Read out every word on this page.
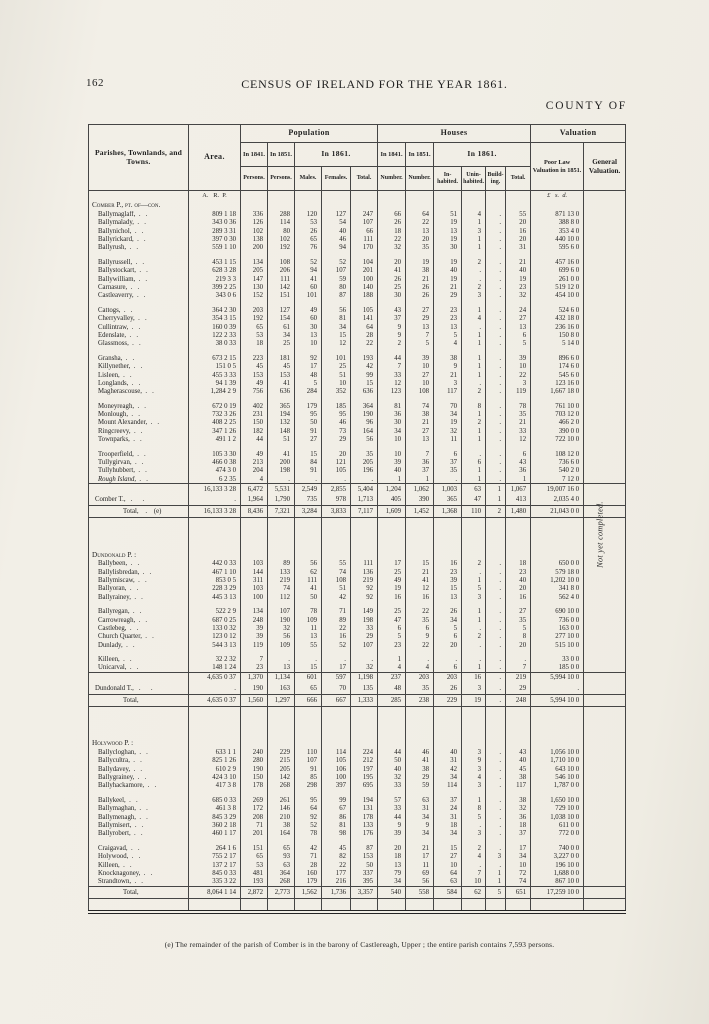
162	CENSUS OF IRELAND FOR THE YEAR 1861.
COUNTY OF
Parishes, Townlands, and Towns.	Area.	Population					Houses						Valuation	
		In 1841.	In 1851.	In 1861.			In 1841.	In 1851.	In 1861.				Poor Law Valuation in 1851.	General Valuation.
		Persons.	Persons.	Males.	Females.	Total.	Number.	Number.	In-habited.	Unin-habited.	Build-ing.	Total.		
	A.   R.  P.												£   s.  d.	
Comber P., pt. of—con.														
Ballymaglaff,  .   .	809 1 18	336	288	120	127	247	66	64	51	4	.	55	871 13 0	
Ballymalady,  .   .	343 0 36	126	114	53	54	107	26	22	19	1	.	20	388 8 0	
Ballynichol,  .   .	289 3 31	102	80	26	40	66	18	13	13	3	.	16	353 4 0	
Ballyrickard,  .   .	397 0 30	138	102	65	46	111	22	20	19	1	.	20	440 10 0	
Ballyrush,  .   .	559 1 10	200	192	76	94	170	32	35	30	1	.	31	595 6 0	

Ballyrussell,  .   .	453 1 15	134	108	52	52	104	20	19	19	2	.	21	457 16 0	
Ballystockart,  .   .	628 3 28	205	206	94	107	201	41	38	40	.	.	40	699 6 0	
Ballywilliam,  .   .	219 3 3	147	111	41	59	100	26	21	19	.	.	19	261 0 0	
Carnasure,  .   .	399 2 25	130	142	60	80	140	25	26	21	2	.	23	519 12 0	
Castleaverry,  .   .	343 0 6	152	151	101	87	188	30	26	29	3	.	32	454 10 0	

Cattogs,  .   .	364 2 30	203	127	49	56	105	43	27	23	1	.	24	524 6 0	
Cherryvalley,  .   .	354 3 15	192	154	60	81	141	37	29	23	4	.	27	432 18 0	
Cullintraw,  .   .	160 0 39	65	61	30	34	64	9	13	13	.	.	13	236 16 0	
Edenslate,  .   .	122 2 33	53	34	13	15	28	9	7	5	1	.	6	150 8 0	
Glassmoss,  .   .	38 0 33	18	25	10	12	22	2	5	4	1	.	5	5 14 0	

Gransha,  .   .	673 2 15	223	181	92	101	193	44	39	38	1	.	39	896 6 0	
Killynether,  .   .	151 0 5	45	45	17	25	42	7	10	9	1	.	10	174 6 0	
Lisleen,  .   .	455 3 33	153	153	48	51	99	33	27	21	1	.	22	545 6 0	
Longlands,  .   .	94 1 39	49	41	5	10	15	12	10	3	.	.	3	123 16 0	
Magherascouse,  .   .	1,284 2 9	756	636	284	352	636	123	108	117	2	.	119	1,667 18 0	

Moneyreagh,  .   .	672 0 19	402	365	179	185	364	81	74	70	8	.	78	761 10 0	
Monlough,  .   .	732 3 26	231	194	95	95	190	36	38	34	1	.	35	703 12 0	
Mount Alexander,  .   .	408 2 25	150	132	50	46	96	30	21	19	2	.	21	466 2 0	
Ringcreevy,  .   .	347 1 26	182	148	91	73	164	34	27	32	1	.	33	390 0 0	
Townparks,  .   .	491 1 2	44	51	27	29	56	10	13	11	1	.	12	722 10 0	

Trooperfield,  .   .	105 3 30	49	41	15	20	35	10	7	6	.	.	6	108 12 0	
Tullygirvan,  .   .	466 0 38	213	200	84	121	205	39	36	37	6	.	43	736 6 0	
Tullyhubbert,  .   .	474 3 0	204	198	91	105	196	40	37	35	1	.	36	540 2 0	
Rough Island,  .   .	6 2 35	4	.	.	.	.	1	1	.	1	.	1	7 12 0	
	16,133 3 28	6,472	5,531	2,549	2,855	5,404	1,204	1,062	1,003	63	1	1,067	19,007 16 0	
Comber T., .	.	1,964	1,790	735	978	1,713	405	390	365	47	1	413	2,035 4 0	
Total,    .    (e)	16,133 3 28	8,436	7,321	3,284	3,833	7,117	1,609	1,452	1,368	110	2	1,480	21,043 0 0	

Dundonald P. :														
Ballybeen,  .   .	442 0 33	103	89	56	55	111	17	15	16	2	.	18	650 0 0	
Ballylisbredan,  .   .	467 1 10	144	133	62	74	136	25	21	23	.	.	23	579 18 0	
Ballymiscaw,  .   .	853 0 5	311	219	111	108	219	49	41	39	1	.	40	1,202 10 0	
Ballyoran,  .   .	228 3 29	103	74	41	51	92	19	12	15	5	.	20	341 8 0	
Ballyrainey,  .   .	445 3 13	100	112	50	42	92	16	16	13	3	.	16	562 4 0	

Ballyregan,  .   .	522 2 9	134	107	78	71	149	25	22	26	1	.	27	690 10 0	
Carrowreagh,  .   .	687 0 25	248	190	109	89	198	47	35	34	1	.	35	736 0 0	
Castlebeg,  .   .	133 0 32	39	32	11	22	33	6	6	5	.	.	5	163 0 0	
Church Quarter,  .   .	123 0 12	39	56	13	16	29	5	9	6	2	.	8	277 10 0	
Dunlady,  .   .	544 3 13	119	109	55	52	107	23	22	20	.	.	20	515 10 0	

Killeen,  .   .	32 2 32	7	.	.	.	.	1	.	.	.	.	.	33 0 0	
Unicarval,  .   .	148 1 24	23	13	15	17	32	4	4	6	1	.	7	185 0 0	
	4,635 0 37	1,370	1,134	601	597	1,198	237	203	203	16	.	219	5,994 10 0	
Dundonald T., .	.	190	163	65	70	135	48	35	26	3	.	29	.	
Total,	4,635 0 37	1,560	1,297	666	667	1,333	285	238	229	19	.	248	5,994 10 0	

Holywood P. :														
Ballycloghan,  .   .	633 1 1	240	229	110	114	224	44	46	40	3	.	43	1,056 10 0	
Ballycultra,  .   .	825 1 26	280	215	107	105	212	50	41	31	9	.	40	1,710 10 0	
Ballydavey,  .   .	610 2 9	190	205	91	106	197	40	38	42	3	.	45	643 10 0	
Ballygrainey,  .   .	424 3 10	150	142	85	100	195	32	29	34	4	.	38	546 10 0	
Ballyhackamore,  .   .	417 3 8	178	268	298	397	695	33	59	114	3	.	117	1,787 0 0	

Ballykeel,  .   .	685 0 33	269	261	95	99	194	57	63	37	1	.	38	1,650 10 0	
Ballymaghan,  .   .	461 3 8	172	146	64	67	131	33	31	24	8	.	32	729 10 0	
Ballymenagh,  .   .	845 3 29	208	210	92	86	178	44	34	31	5	.	36	1,038 10 0	
Ballymisert,  .   .	360 2 18	71	38	52	81	133	9	9	18	.	.	18	611 0 0	
Ballyrobert,  .   .	460 1 17	201	164	78	98	176	39	34	34	3	.	37	772 0 0	

Craigavad,  .   .	264 1 6	151	65	42	45	87	20	21	15	2	.	17	740 0 0	
Holywood,  .   .	755 2 17	65	93	71	82	153	18	17	27	4	3	34	3,227 0 0	
Killeen,  .   .	137 2 17	53	63	28	22	50	13	11	10	.	.	10	196 10 0	
Knocknagoney,  .   .	845 0 33	481	364	160	177	337	79	69	64	7	1	72	1,688 0 0	
Strandtown,  .   .	335 3 22	193	268	179	216	395	34	56	63	10	1	74	867 10 0	
Total,	8,064 1 14	2,872	2,773	1,562	1,736	3,357	540	558	584	62	5	651	17,259 10 0	

Not yet completed.
(e) The remainder of the parish of Comber is in the barony of Castlereagh, Upper ; the entire parish contains 7,593 persons.
